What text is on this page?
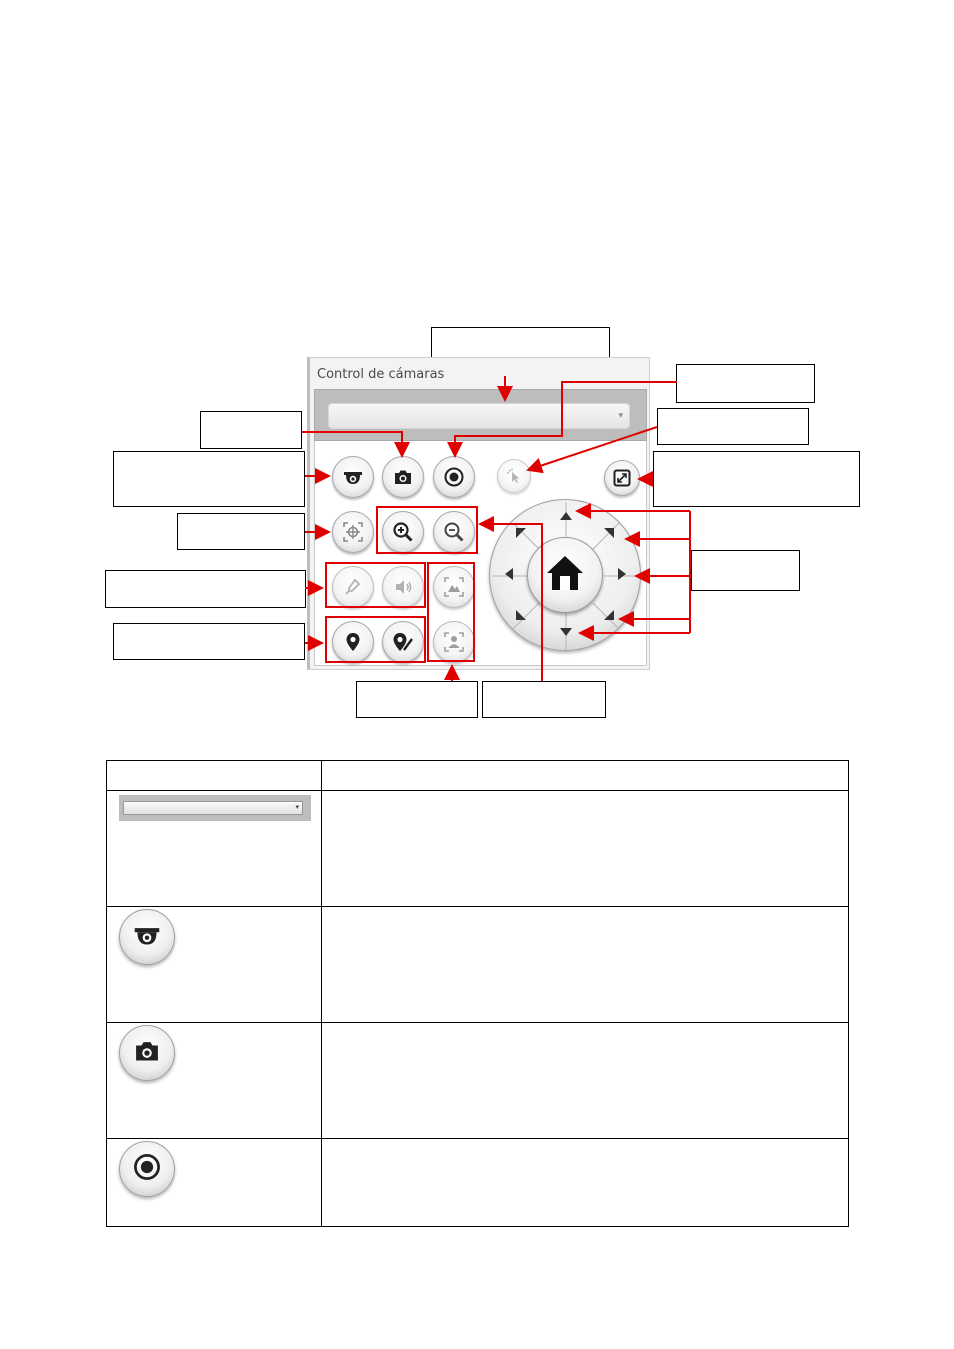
Control de cámaras
▾

▾	
